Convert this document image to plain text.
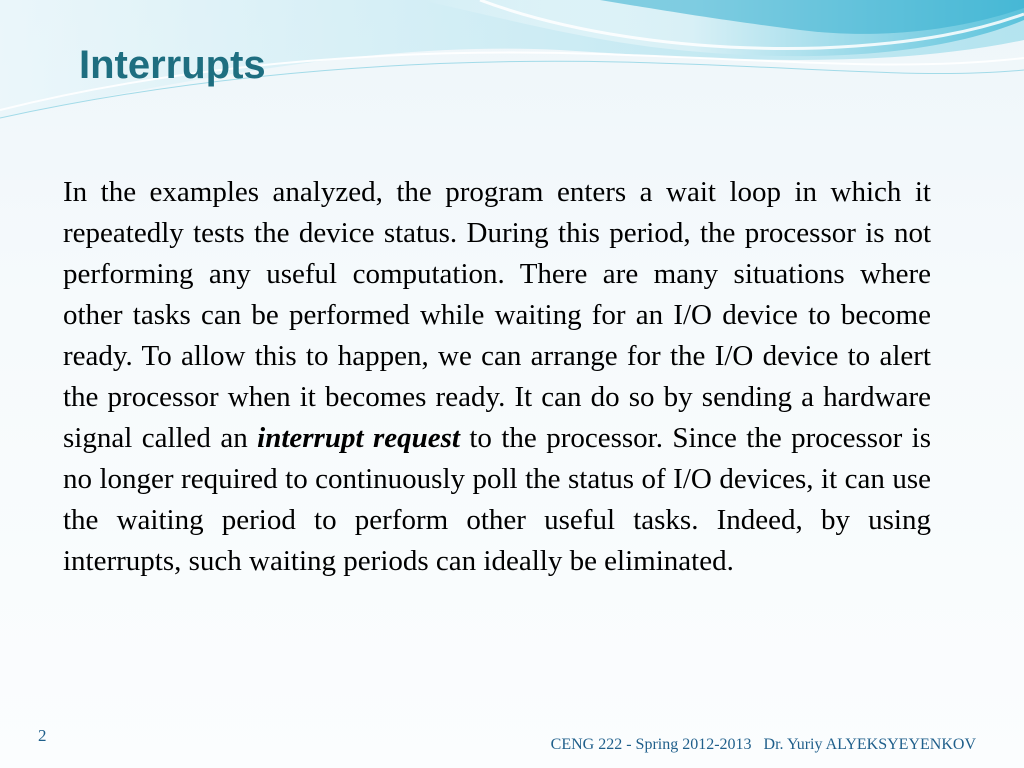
Interrupts

In the examples analyzed, the program enters a wait loop in which it repeatedly tests the device status. During this period, the processor is not performing any useful computation. There are many situations where other tasks can be performed while waiting for an I/O device to become ready. To allow this to happen, we can arrange for the I/O device to alert the processor when it becomes ready. It can do so by sending a hardware signal called an interrupt request to the processor. Since the processor is no longer required to continuously poll the status of I/O devices, it can use the waiting period to perform other useful tasks. Indeed, by using interrupts, such waiting periods can ideally be eliminated.

2	CENG 222 - Spring 2012-2013   Dr. Yuriy ALYEKSYEYENKOV
